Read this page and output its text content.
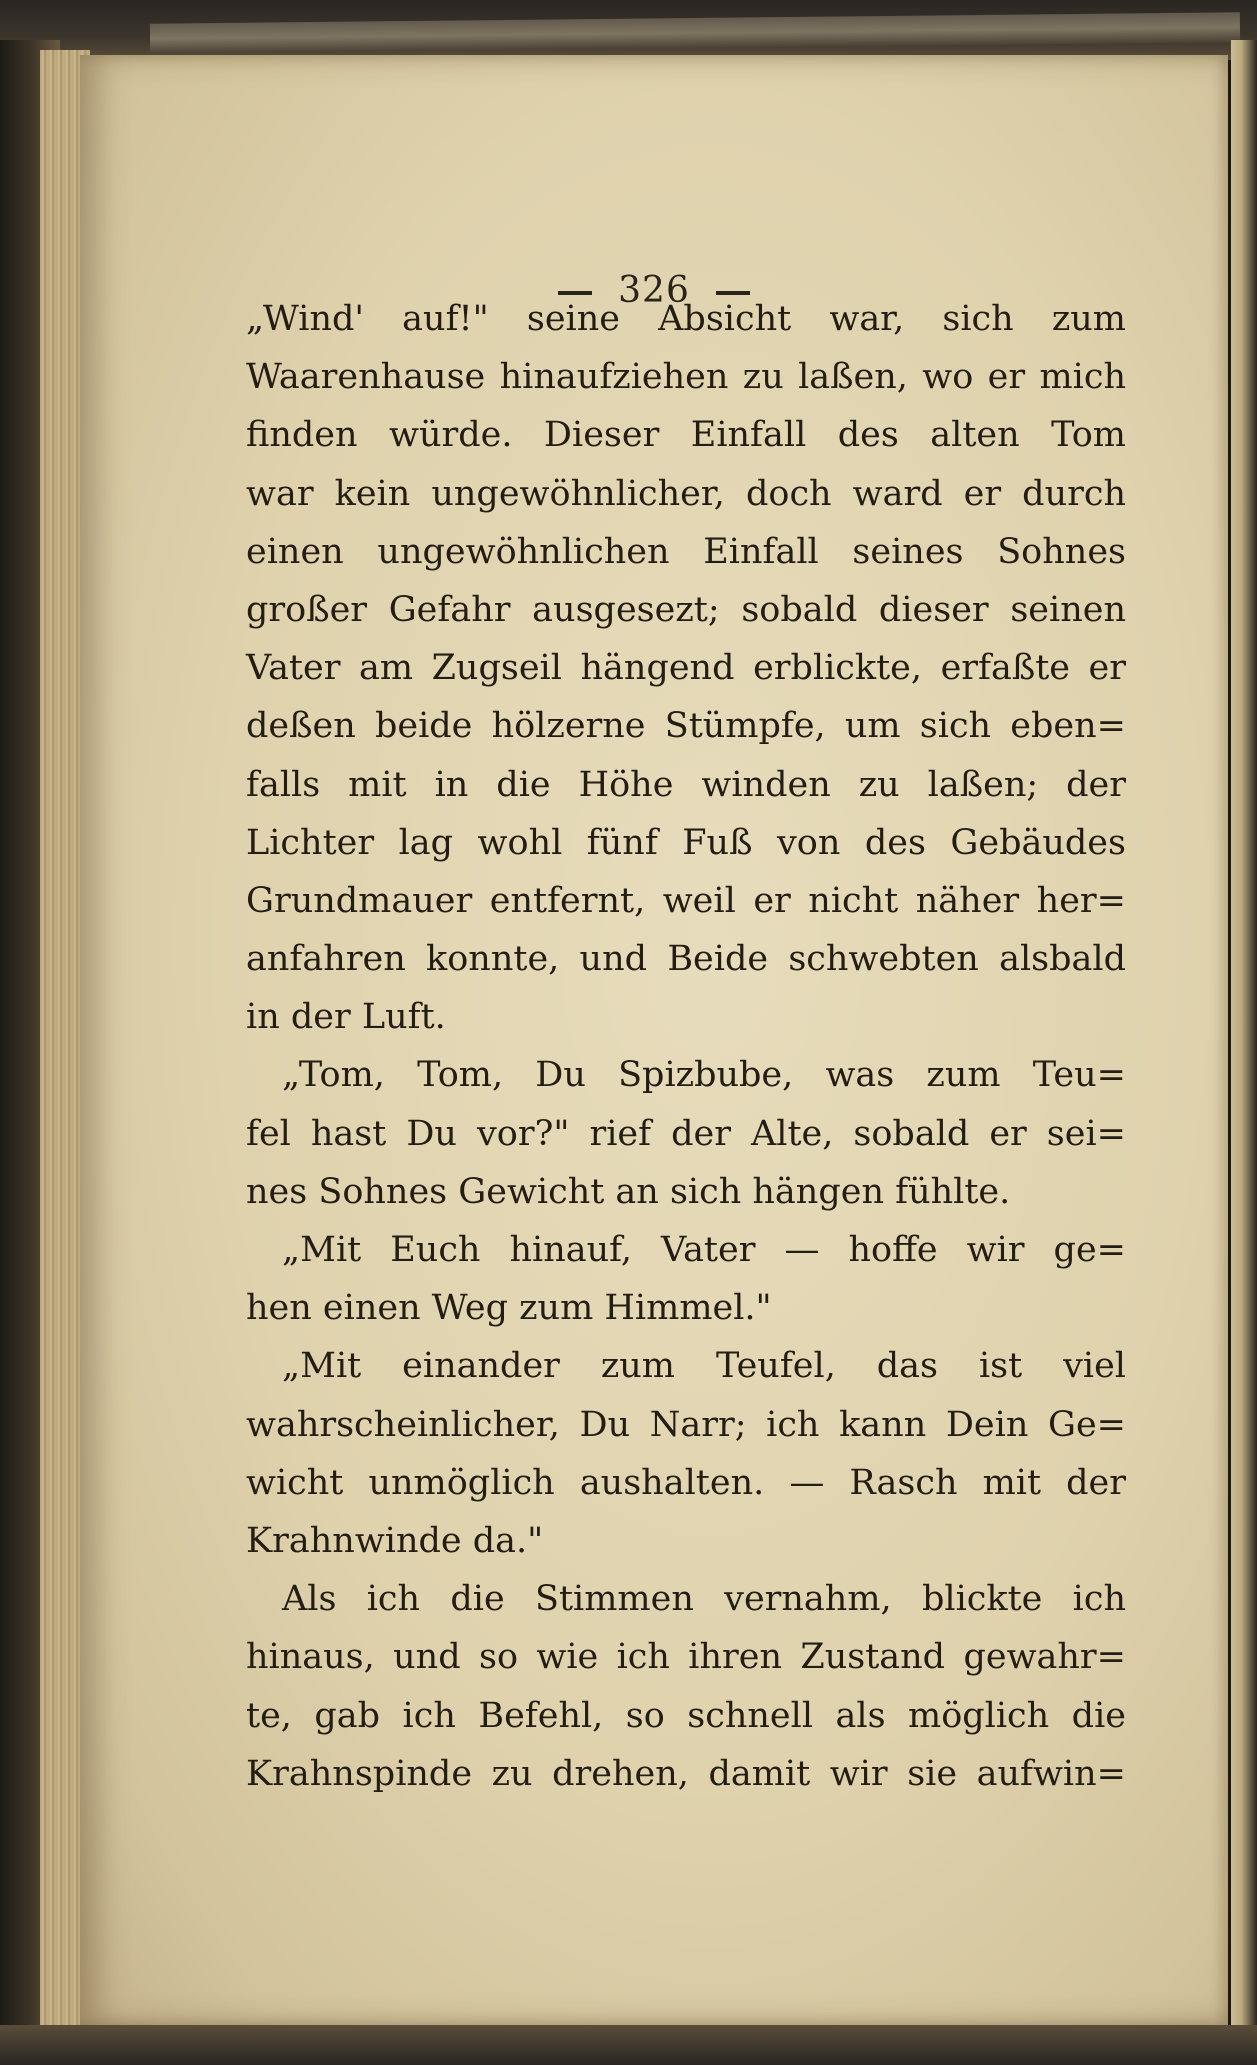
326
„Wind' auf!" seine Absicht war, sich zum
Waarenhause hinaufziehen zu laßen, wo er mich
finden würde. Dieser Einfall des alten Tom
war kein ungewöhnlicher, doch ward er durch
einen ungewöhnlichen Einfall seines Sohnes
großer Gefahr ausgesezt; sobald dieser seinen
Vater am Zugseil hängend erblickte, erfaßte er
deßen beide hölzerne Stümpfe, um sich eben=
falls mit in die Höhe winden zu laßen; der
Lichter lag wohl fünf Fuß von des Gebäudes
Grundmauer entfernt, weil er nicht näher her=
anfahren konnte, und Beide schwebten alsbald
in der Luft.
„Tom, Tom, Du Spizbube, was zum Teu=
fel hast Du vor?" rief der Alte, sobald er sei=
nes Sohnes Gewicht an sich hängen fühlte.
„Mit Euch hinauf, Vater — hoffe wir ge=
hen einen Weg zum Himmel."
„Mit einander zum Teufel, das ist viel
wahrscheinlicher, Du Narr; ich kann Dein Ge=
wicht unmöglich aushalten. — Rasch mit der
Krahnwinde da."
Als ich die Stimmen vernahm, blickte ich
hinaus, und so wie ich ihren Zustand gewahr=
te, gab ich Befehl, so schnell als möglich die
Krahnspinde zu drehen, damit wir sie aufwin=
